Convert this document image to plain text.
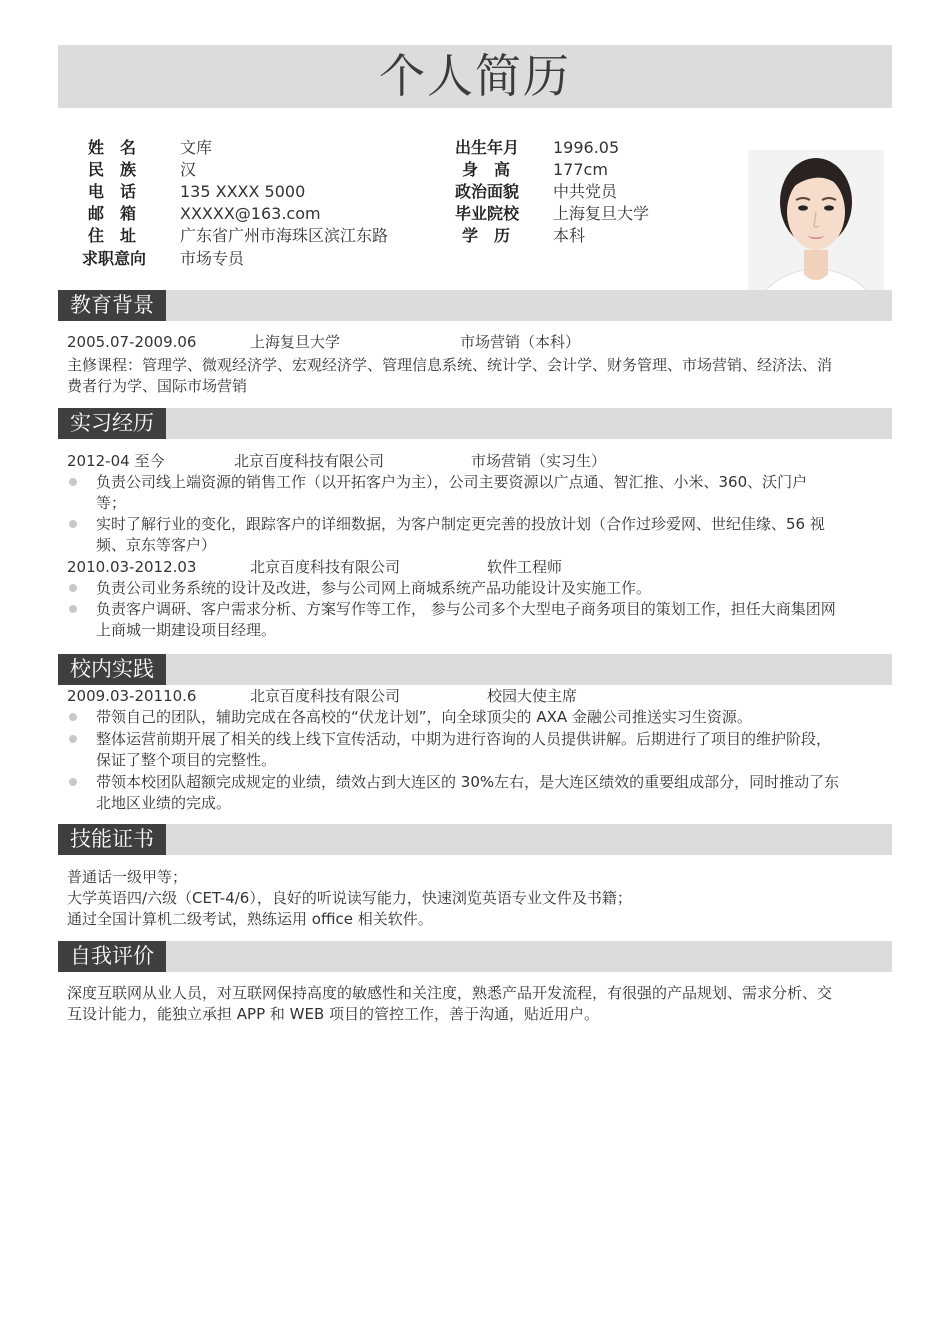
个人简历
姓　名	文库
民　族	汉
电　话	135 XXXX 5000
邮　箱	XXXXX@163.com
住　址	广东省广州市海珠区滨江东路
求职意向 市场专员
出生年月 1996.05
身　高	177cm
政治面貌 中共党员
毕业院校 上海复旦大学
学　历	本科
教育背景
2005.07-2009.06	上海复旦大学	市场营销（本科）
主修课程：管理学、微观经济学、宏观经济学、管理信息系统、统计学、会计学、财务管理、市场营销、经济法、消
费者行为学、国际市场营销
实习经历
2012-04 至今	北京百度科技有限公司	市场营销（实习生）
负责公司线上端资源的销售工作（以开拓客户为主），公司主要资源以广点通、智汇推、小米、360、沃门户
等；
实时了解行业的变化，跟踪客户的详细数据，为客户制定更完善的投放计划（合作过珍爱网、世纪佳缘、56 视
频、京东等客户）
2010.03-2012.03	北京百度科技有限公司	软件工程师
负责公司业务系统的设计及改进，参与公司网上商城系统产品功能设计及实施工作。
负责客户调研、客户需求分析、方案写作等工作， 参与公司多个大型电子商务项目的策划工作，担任大商集团网
上商城一期建设项目经理。
校内实践
2009.03-20110.6	北京百度科技有限公司	校园大使主席
带领自己的团队，辅助完成在各高校的“伏龙计划”，向全球顶尖的 AXA 金融公司推送实习生资源。
整体运营前期开展了相关的线上线下宣传活动，中期为进行咨询的人员提供讲解。后期进行了项目的维护阶段，
保证了整个项目的完整性。
带领本校团队超额完成规定的业绩，绩效占到大连区的 30%左右，是大连区绩效的重要组成部分，同时推动了东
北地区业绩的完成。
技能证书
普通话一级甲等；
大学英语四/六级（CET-4/6），良好的听说读写能力，快速浏览英语专业文件及书籍；
通过全国计算机二级考试，熟练运用 office 相关软件。
自我评价
深度互联网从业人员，对互联网保持高度的敏感性和关注度，熟悉产品开发流程，有很强的产品规划、需求分析、交
互设计能力，能独立承担 APP 和 WEB 项目的管控工作，善于沟通，贴近用户。
